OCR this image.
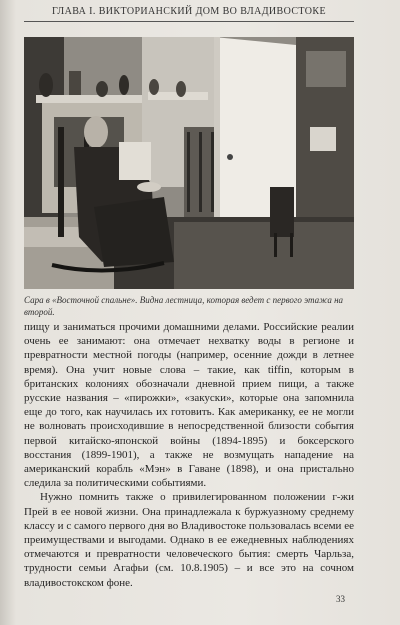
ГЛАВА I. ВИКТОРИАНСКИЙ ДОМ ВО ВЛАДИВОСТОКЕ
Сара в «Восточной спальне». Видна лестница, которая ведет с первого этажа на второй.

пищу и заниматься прочими домашними делами. Российские реалии очень ее занимают: она отмечает нехватку воды в регионе и превратности местной погоды (например, осенние дожди в летнее время). Она учит новые слова – такие, как tiffin, которым в британских колониях обозначали дневной прием пищи, а также русские названия – «пирожки», «закуски», которые она запомнила еще до того, как научилась их готовить. Как американку, ее не могли не волновать происходившие в непосредственной близости события первой китайско-японской войны (1894-1895) и боксерского восстания (1899-1901), а также не возмущать нападение на американский корабль «Мэн» в Гаване (1898), и она пристально следила за политическими событиями.

Нужно помнить также о привилегированном положении г-жи Прей в ее новой жизни. Она принадлежала к буржуазному среднему классу и с самого первого дня во Владивостоке пользовалась всеми ее преимуществами и выгодами. Однако в ее ежедневных наблюдениях отмечаются и превратности человеческого бытия: смерть Чарльза, трудности семьи Агафьи (см. 10.8.1905) – и все это на сочном владивостокском фоне.

33
